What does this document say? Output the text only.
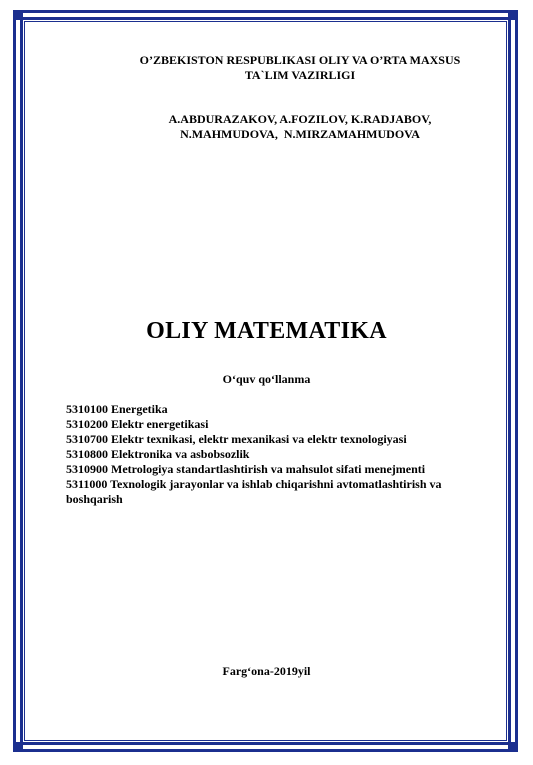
O’ZBEKISTON RESPUBLIKASI OLIY VA O’RTA MAXSUS
TA`LIM VAZIRLIGI
A.ABDURAZAKOV, A.FOZILOV, K.RADJABOV,
N.MAHMUDOVA,  N.MIRZAMAHMUDOVA
OLIY MATEMATIKA
O‘quv qo‘llanma
5310100 Energetika
5310200 Elektr energetikasi
5310700 Elektr texnikasi, elektr mexanikasi va elektr texnologiyasi
5310800 Elektronika va asbobsozlik
5310900 Metrologiya standartlashtirish va mahsulot sifati menejmenti
5311000 Texnologik jarayonlar va ishlab chiqarishni avtomatlashtirish va
boshqarish
Farg‘ona-2019yil
